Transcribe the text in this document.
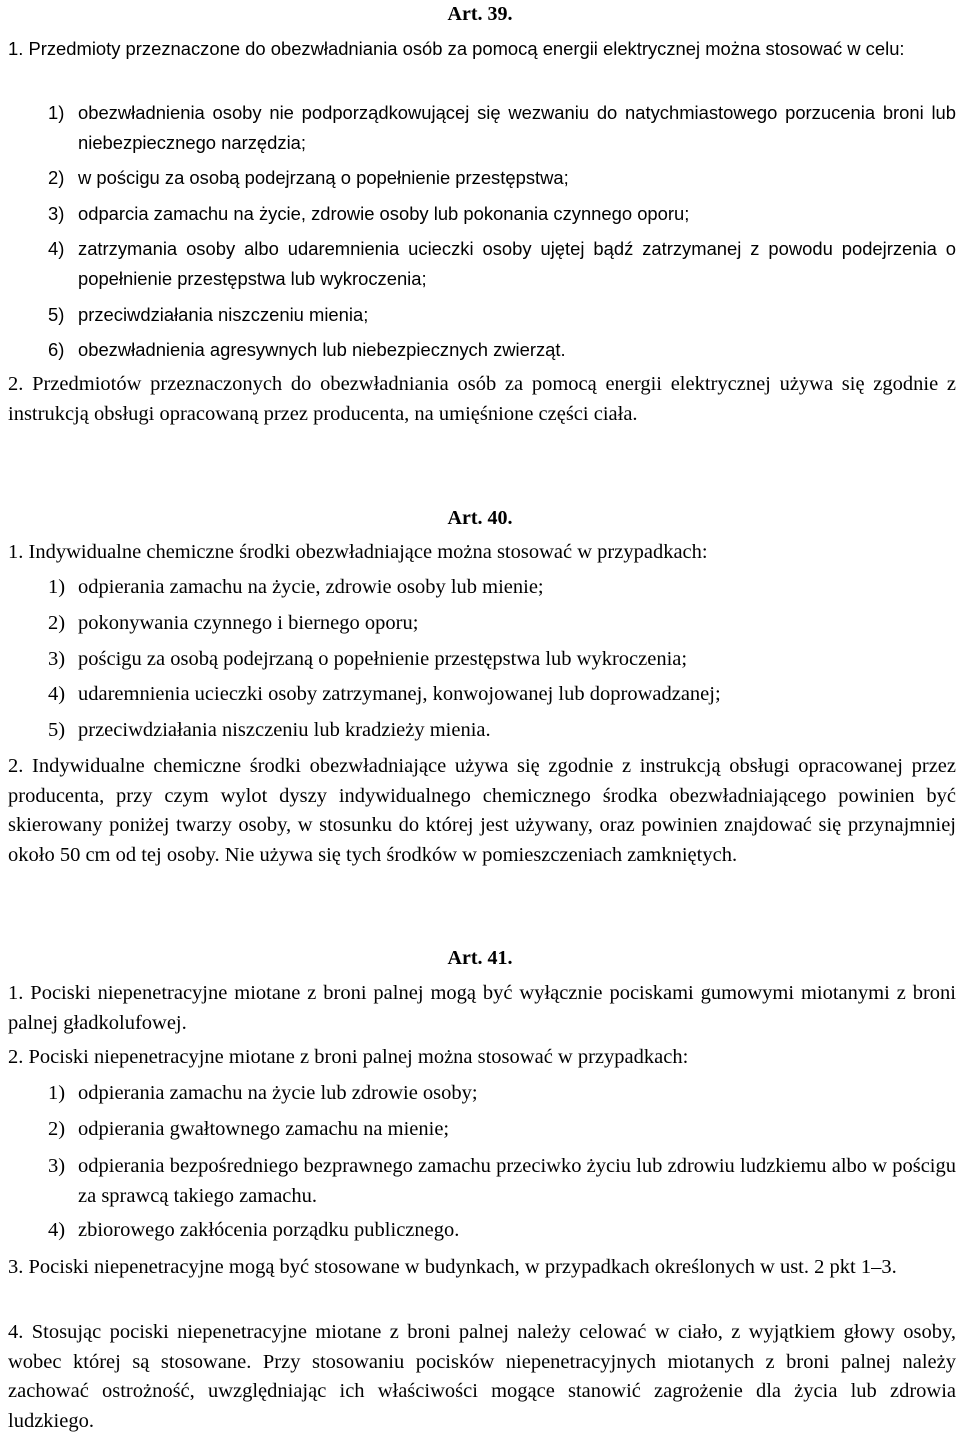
Art. 39.
1. Przedmioty przeznaczone do obezwładniania osób za pomocą energii elektrycznej można stosować w celu:
1) obezwładnienia osoby nie podporządkowującej się wezwaniu do natychmiastowego porzucenia broni lub niebezpiecznego narzędzia;
2) w pościgu za osobą podejrzaną o popełnienie przestępstwa;
3) odparcia zamachu na życie, zdrowie osoby lub pokonania czynnego oporu;
4) zatrzymania osoby albo udaremnienia ucieczki osoby ujętej bądź zatrzymanej z powodu podejrzenia o popełnienie przestępstwa lub wykroczenia;
5) przeciwdziałania niszczeniu mienia;
6) obezwładnienia agresywnych lub niebezpiecznych zwierząt.
2. Przedmiotów przeznaczonych do obezwładniania osób za pomocą energii elektrycznej używa się zgodnie z instrukcją obsługi opracowaną przez producenta, na umięśnione części ciała.
Art. 40.
1. Indywidualne chemiczne środki obezwładniające można stosować w przypadkach:
1) odpierania zamachu na życie, zdrowie osoby lub mienie;
2) pokonywania czynnego i biernego oporu;
3) pościgu za osobą podejrzaną o popełnienie przestępstwa lub wykroczenia;
4) udaremnienia ucieczki osoby zatrzymanej, konwojowanej lub doprowadzanej;
5) przeciwdziałania niszczeniu lub kradzieży mienia.
2. Indywidualne chemiczne środki obezwładniające używa się zgodnie z instrukcją obsługi opracowanej przez producenta, przy czym wylot dyszy indywidualnego chemicznego środka obezwładniającego powinien być skierowany poniżej twarzy osoby, w stosunku do której jest używany, oraz powinien znajdować się przynajmniej około 50 cm od tej osoby. Nie używa się tych środków w pomieszczeniach zamkniętych.
Art. 41.
1. Pociski niepenetracyjne miotane z broni palnej mogą być wyłącznie pociskami gumowymi miotanymi z broni palnej gładkolufowej.
2. Pociski niepenetracyjne miotane z broni palnej można stosować w przypadkach:
1) odpierania zamachu na życie lub zdrowie osoby;
2) odpierania gwałtownego zamachu na mienie;
3) odpierania bezpośredniego bezprawnego zamachu przeciwko życiu lub zdrowiu ludzkiemu albo w pościgu za sprawcą takiego zamachu.
4) zbiorowego zakłócenia porządku publicznego.
3. Pociski niepenetracyjne mogą być stosowane w budynkach, w przypadkach określonych w ust. 2 pkt 1–3.
4. Stosując pociski niepenetracyjne miotane z broni palnej należy celować w ciało, z wyjątkiem głowy osoby, wobec której są stosowane. Przy stosowaniu pocisków niepenetracyjnych miotanych z broni palnej należy zachować ostrożność, uwzględniając ich właściwości mogące stanowić zagrożenie dla życia lub zdrowia ludzkiego.
